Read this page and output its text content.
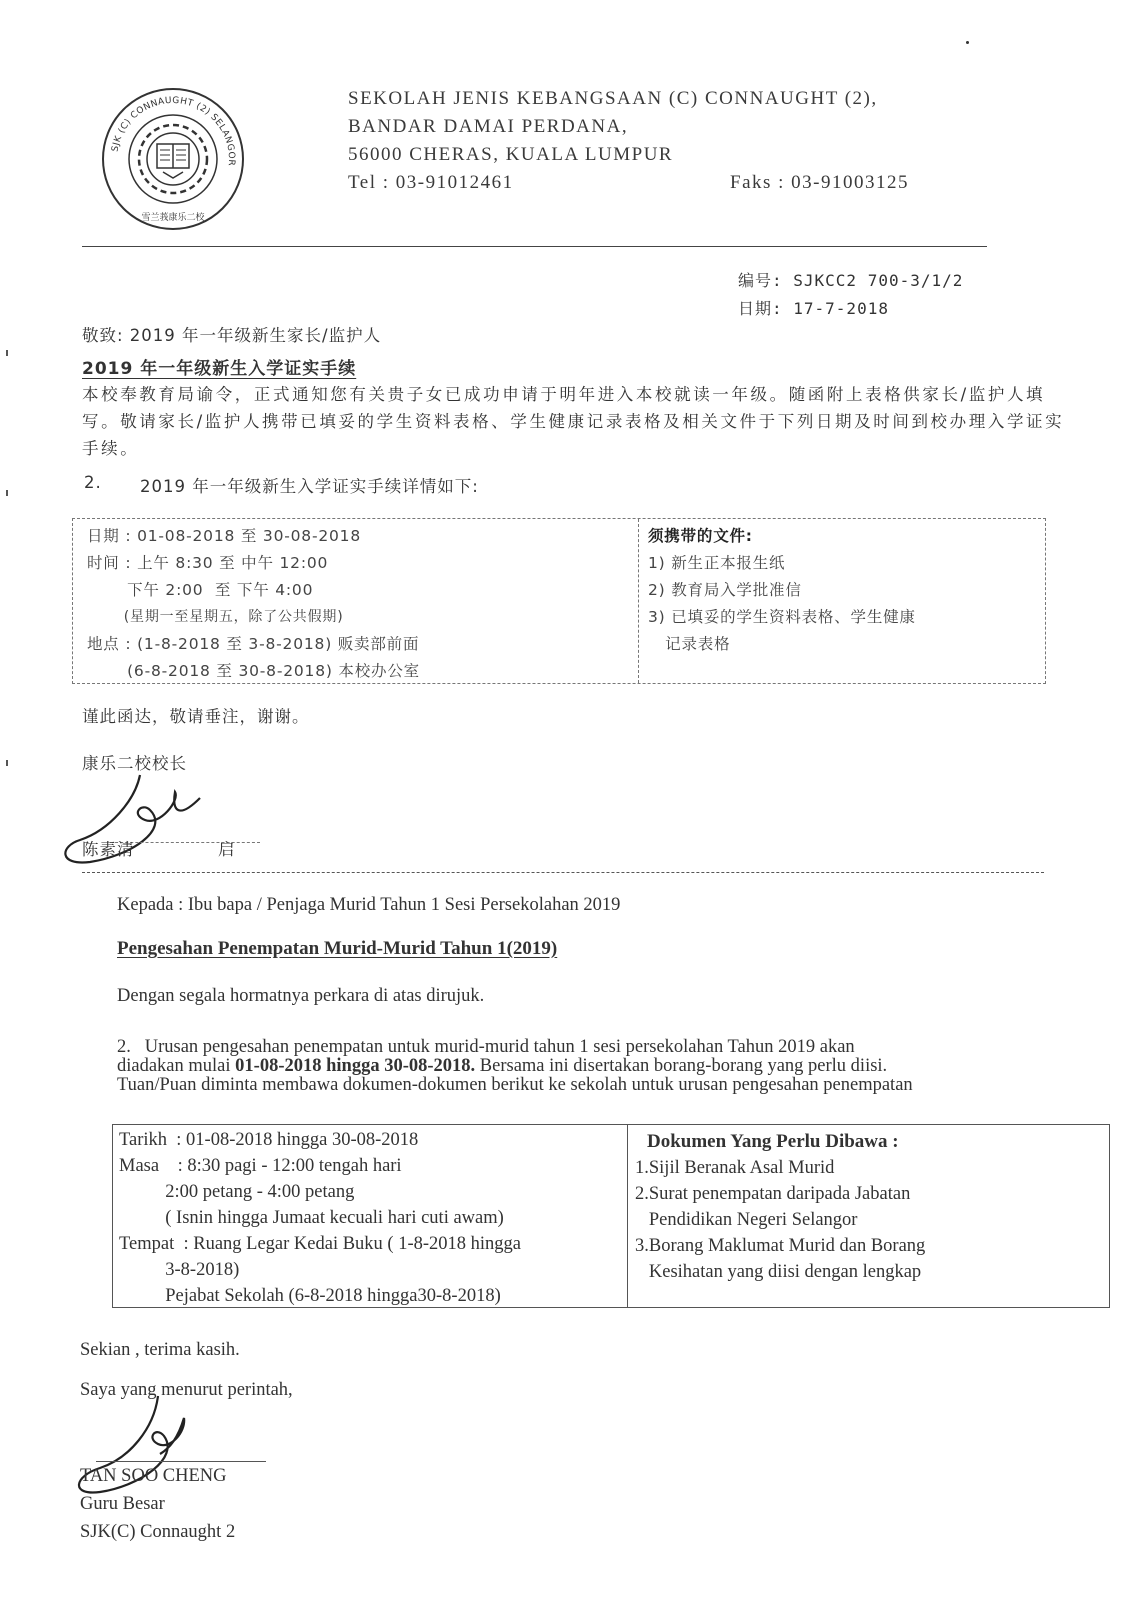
SJK (C) CONNAUGHT (2) SELANGOR
雪兰莪康乐二校
SEKOLAH JENIS KEBANGSAAN (C) CONNAUGHT (2),
BANDAR DAMAI PERDANA,
56000 CHERAS, KUALA LUMPUR
Tel : 03-91012461	Faks : 03-91003125
编号: SJKCC2 700-3/1/2
日期: 17-7-2018
敬致: 2019 年一年级新生家长/监护人
2019 年一年级新生入学证实手续
本校奉教育局谕令，正式通知您有关贵子女已成功申请于明年进入本校就读一年级。随函附上表格供家长/监护人填写。敬请家长/监护人携带已填妥的学生资料表格、学生健康记录表格及相关文件于下列日期及时间到校办理入学证实手续。
2. 2019 年一年级新生入学证实手续详情如下:
日期 : 01-08-2018 至 30-08-2018
时间 : 上午 8:30 至 中午 12:00
下午 2:00  至 下午 4:00
(星期一至星期五，除了公共假期)
地点 : (1-8-2018 至 3-8-2018) 贩卖部前面
(6-8-2018 至 30-8-2018) 本校办公室
须携带的文件:
1) 新生正本报生纸
2) 教育局入学批准信
3) 已填妥的学生资料表格、学生健康
记录表格
谨此函达，敬请垂注，谢谢。
康乐二校校长
陈素清	启
Kepada : Ibu bapa / Penjaga Murid Tahun 1 Sesi Persekolahan 2019
Pengesahan Penempatan Murid-Murid Tahun 1(2019)
Dengan segala hormatnya perkara di atas dirujuk.
2. Urusan pengesahan penempatan untuk murid-murid tahun 1 sesi persekolahan Tahun 2019 akan
diadakan mulai 01-08-2018 hingga 30-08-2018. Bersama ini disertakan borang-borang yang perlu diisi.
Tuan/Puan diminta membawa dokumen-dokumen berikut ke sekolah untuk urusan pengesahan penempatan
Tarikh  : 01-08-2018 hingga 30-08-2018
Masa    : 8:30 pagi - 12:00 tengah hari
2:00 petang - 4:00 petang
( Isnin hingga Jumaat kecuali hari cuti awam)
Tempat  : Ruang Legar Kedai Buku ( 1-8-2018 hingga
3-8-2018)
Pejabat Sekolah (6-8-2018 hingga30-8-2018)
Dokumen Yang Perlu Dibawa :
1.Sijil Beranak Asal Murid
2.Surat penempatan daripada Jabatan
Pendidikan Negeri Selangor
3.Borang Maklumat Murid dan Borang
Kesihatan yang diisi dengan lengkap
Sekian , terima kasih.
Saya yang menurut perintah,
TAN SOO CHENG
Guru Besar
SJK(C) Connaught 2
